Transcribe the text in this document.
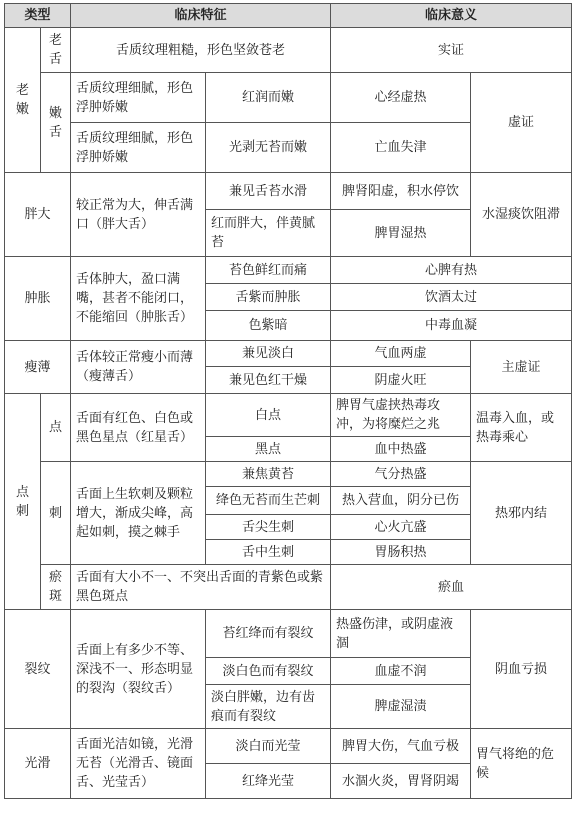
类型		临床特征		临床意义	
老嫩	老舌	舌质纹理粗糙，形色坚敛苍老		实证	
	嫩舌	舌质纹理细腻，形色浮肿娇嫩	红润而嫩	心经虚热	虚证
		舌质纹理细腻，形色浮肿娇嫩	光剥无苔而嫩	亡血失津	
胖大		较正常为大，伸舌满口（胖大舌）	兼见舌苔水滑	脾肾阳虚，积水停饮	水湿痰饮阻滞
			红而胖大，伴黄腻苔	脾胃湿热	
肿胀		舌体肿大，盈口满嘴，甚者不能闭口，不能缩回（肿胀舌）	苔色鲜红而痛	心脾有热	
			舌紫而肿胀	饮酒太过	
			色紫暗	中毒血凝	
瘦薄		舌体较正常瘦小而薄（瘦薄舌）	兼见淡白	气血两虚	主虚证
			兼见色红干燥	阴虚火旺	
点刺	点	舌面有红色、白色或黑色星点（红星舌）	白点	脾胃气虚挟热毒攻冲，为将糜烂之兆	温毒入血，或热毒乘心
			黑点	血中热盛	
	刺	舌面上生软刺及颗粒增大，渐成尖峰，高起如刺，摸之棘手	兼焦黄苔	气分热盛	热邪内结
			绛色无苔而生芒刺	热入营血，阴分已伤	
			舌尖生刺	心火亢盛	
			舌中生刺	胃肠积热	
	瘀斑	舌面有大小不一、不突出舌面的青紫色或紫黑色斑点		瘀血	
裂纹		舌面上有多少不等、深浅不一、形态明显的裂沟（裂纹舌）	苔红绛而有裂纹	热盛伤津，或阴虚液涸	阴血亏损
			淡白色而有裂纹	血虚不润	
			淡白胖嫩，边有齿痕而有裂纹	脾虚湿渍	
光滑		舌面光洁如镜，光滑无苔（光滑舌、镜面舌、光莹舌）	淡白而光莹	脾胃大伤，气血亏极	胃气将绝的危候
			红绛光莹	水涸火炎，胃肾阴竭	
